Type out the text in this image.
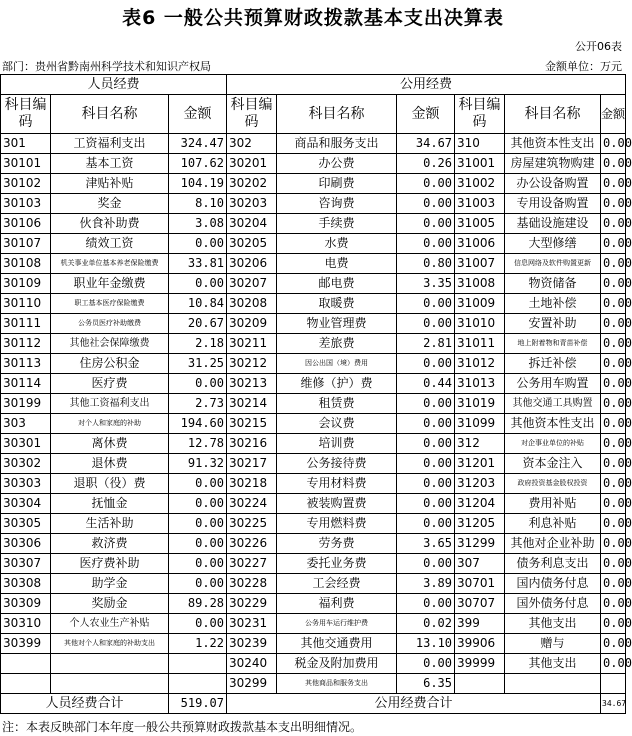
表6 一般公共预算财政拨款基本支出决算表
公开06表
部门：贵州省黔南州科学技术和知识产权局	金额单位：万元
人员经费			公用经费					
科目编码	科目名称	金额	科目编码	科目名称	金额	科目编码	科目名称	金额
301	工资福利支出	324.47	302	商品和服务支出	34.67	310	其他资本性支出	0.00
30101	基本工资	107.62	30201	办公费	0.26	31001	房屋建筑物购建	0.00
30102	津贴补贴	104.19	30202	印刷费	0.00	31002	办公设备购置	0.00
30103	奖金	8.10	30203	咨询费	0.00	31003	专用设备购置	0.00
30106	伙食补助费	3.08	30204	手续费	0.00	31005	基础设施建设	0.00
30107	绩效工资	0.00	30205	水费	0.00	31006	大型修缮	0.00
30108	机关事业单位基本养老保险缴费	33.81	30206	电费	0.80	31007	信息网络及软件购置更新	0.00
30109	职业年金缴费	0.00	30207	邮电费	3.35	31008	物资储备	0.00
30110	职工基本医疗保险缴费	10.84	30208	取暖费	0.00	31009	土地补偿	0.00
30111	公务员医疗补助缴费	20.67	30209	物业管理费	0.00	31010	安置补助	0.00
30112	其他社会保障缴费	2.18	30211	差旅费	2.81	31011	地上附着物和青苗补偿	0.00
30113	住房公积金	31.25	30212	因公出国（境）费用	0.00	31012	拆迁补偿	0.00
30114	医疗费	0.00	30213	维修（护）费	0.44	31013	公务用车购置	0.00
30199	其他工资福利支出	2.73	30214	租赁费	0.00	31019	其他交通工具购置	0.00
303	对个人和家庭的补助	194.60	30215	会议费	0.00	31099	其他资本性支出	0.00
30301	离休费	12.78	30216	培训费	0.00	312	对企事业单位的补贴	0.00
30302	退休费	91.32	30217	公务接待费	0.00	31201	资本金注入	0.00
30303	退职（役）费	0.00	30218	专用材料费	0.00	31203	政府投资基金股权投资	0.00
30304	抚恤金	0.00	30224	被装购置费	0.00	31204	费用补贴	0.00
30305	生活补助	0.00	30225	专用燃料费	0.00	31205	利息补贴	0.00
30306	救济费	0.00	30226	劳务费	3.65	31299	其他对企业补助	0.00
30307	医疗费补助	0.00	30227	委托业务费	0.00	307	债务利息支出	0.00
30308	助学金	0.00	30228	工会经费	3.89	30701	国内债务付息	0.00
30309	奖励金	89.28	30229	福利费	0.00	30707	国外债务付息	0.00
30310	个人农业生产补贴	0.00	30231	公务用车运行维护费	0.02	399	其他支出	0.00
30399	其他对个人和家庭的补助支出	1.22	30239	其他交通费用	13.10	39906	赠与	0.00
			30240	税金及附加费用	0.00	39999	其他支出	0.00
			30299	其他商品和服务支出	6.35			
人员经费合计		519.07	公用经费合计					34.67
注：本表反映部门本年度一般公共预算财政拨款基本支出明细情况。
